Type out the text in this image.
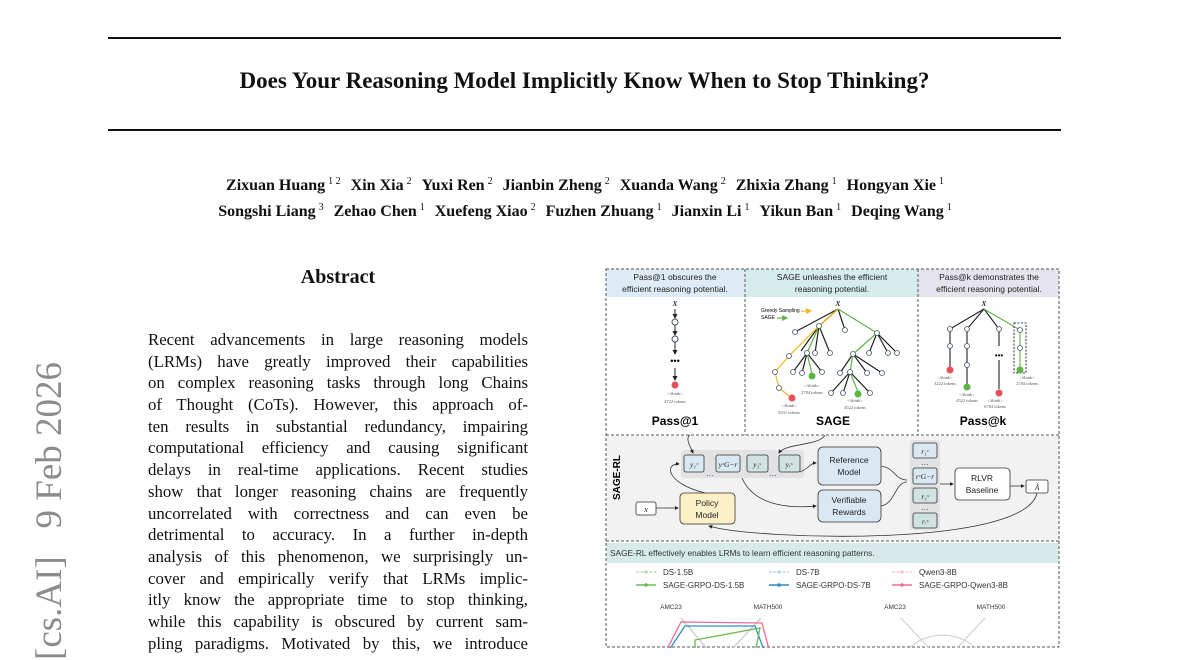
Does Your Reasoning Model Implicitly Know When to Stop Thinking?
Zixuan Huang $^{1 2}$ Xin Xia $^2$ Yuxi Ren $^2$ Jianbin Zheng $^2$ Xuanda Wang $^2$ Zhixia Zhang $^1$ Hongyan Xie $^1$
Songshi Liang $^3$ Zehao Chen $^1$ Xuefeng Xiao $^2$ Fuzhen Zhuang $^1$ Jianxin Li $^1$ Yikun Ban $^1$ Deqing Wang $^1$
[cs.AI]   9 Feb 2026
Abstract
Recent advancements in large reasoning models
(LRMs) have greatly improved their capabilities
on complex reasoning tasks through long Chains
of Thought (CoTs). However, this approach of-
ten results in substantial redundancy, impairing
computational efficiency and causing significant
delays in real-time applications. Recent studies
show that longer reasoning chains are frequently
uncorrelated with correctness and can even be
detrimental to accuracy. In a further in-depth
analysis of this phenomenon, we surprisingly un-
cover and empirically verify that LRMs implic-
itly know the appropriate time to stop thinking,
while this capability is obscured by current sam-
pling paradigms. Motivated by this, we introduce
Pass@1 obscures the
efficient reasoning potential.
SAGE unleashes the efficient
reasoning potential.
Pass@k demonstrates the
efficient reasoning potential.
x
•••
</think>
4722 tokens
Pass@1
x
Greedy Sampling
SAGE
</think>
2784 tokens
</think>
4522 tokens
</think>
6331 tokens
SAGE
x
•••
</think>
3222 tokens
</think>
4522 tokens </think>
6784 tokens
</think>
2784 tokens
Pass@k
SAGE-RL
x
Policy
Model
y₁ᶜ	yᶜG−r y₁ˢ	yᵣˢ
…	…
r₁ᶜ
rᶜG−r
r₁ˢ
rᵣˢ
…
…
Â
Reference
Model
Verifiable
Rewards
RLVR
Baseline
SAGE-RL effectively enables LRMs to learn efficient reasoning patterns.
DS-1.5B	DS-7B	Qwen3-8B
SAGE-GRPO-DS-1.5B	SAGE-GRPO-DS-7B	SAGE-GRPO-Qwen3-8B
AMC23	MATH500	AMC23	MATH500
